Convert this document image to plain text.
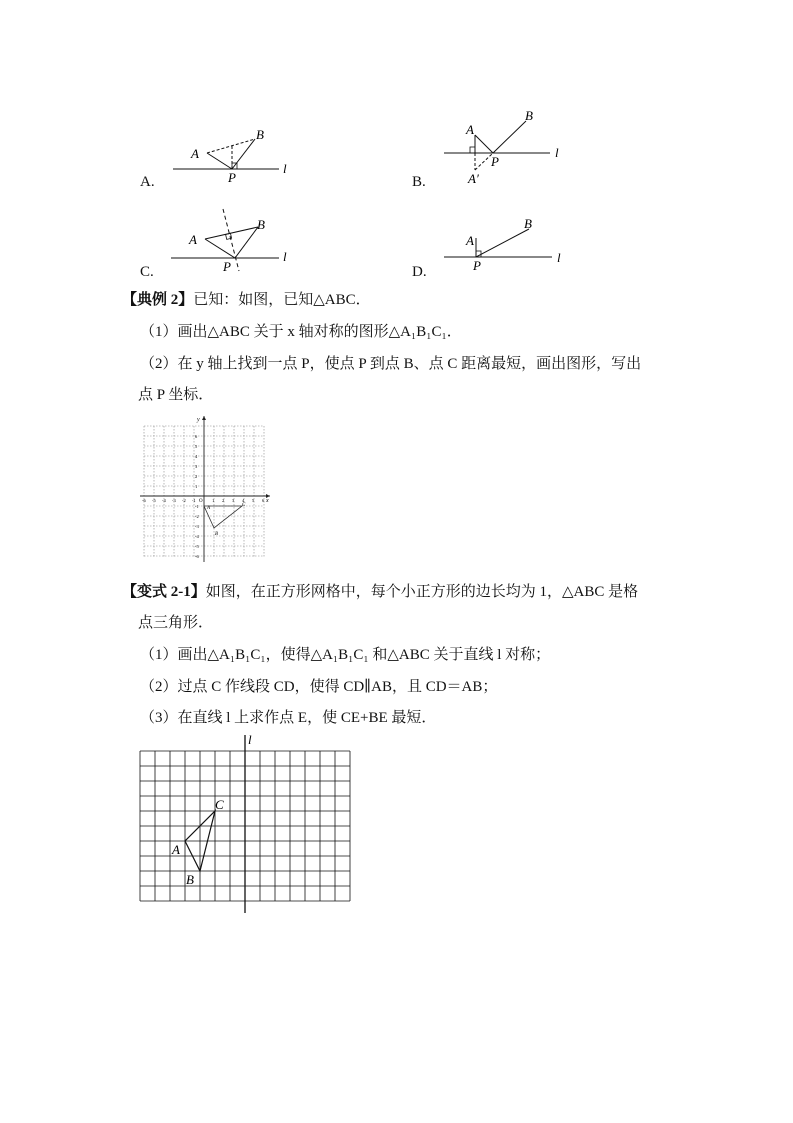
A.
A
B
P
l
B.
A
B
P
A′
l
C.
A
B
P
l
D.
A
B
P
l
【典例 2】已知：如图，已知△ABC．
（1）画出△ABC 关于 x 轴对称的图形△A₁B₁C₁．
（2）在 y 轴上找到一点 P，使点 P 到点 B、点 C 距离最短，画出图形，写出
点 P 坐标．
x
y
O
-6 -5 -4 -3 -2 -1	1 2 3 4 5 6
6
5
4
3
2
1
-1
-2
-3
-4
-5
-6
A
B
C
【变式 2-1】如图，在正方形网格中，每个小正方形的边长均为 1，△ABC 是格
点三角形．
（1）画出△A₁B₁C₁，使得△A₁B₁C₁ 和△ABC 关于直线 l 对称；
（2）过点 C 作线段 CD，使得 CD∥AB，且 CD＝AB；
（3）在直线 l 上求作点 E，使 CE+BE 最短．
l
A
B
C
